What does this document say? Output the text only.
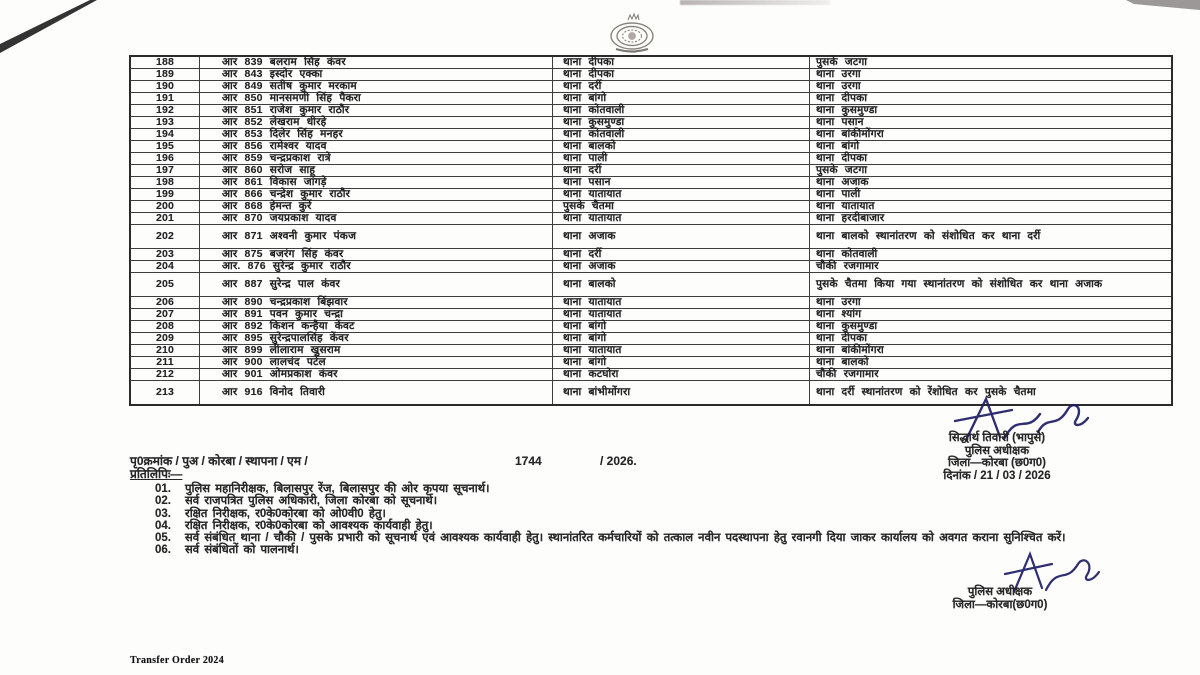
188	आर 839 बलराम सिंह कंवर	थाना दीपका	पुसके जटगा
189	आर 843 इस्दोर एक्का	थाना दीपका	थाना उरगा
190	आर 849 सतीष कुमार मरकाम	थाना दर्री	थाना उरगा
191	आर 850 मानसमणी सिंह पैकरा	थाना बांगो	थाना दीपका
192	आर 851 राजेश कुमार राठौर	थाना कोतवाली	थाना कुसमुण्डा
193	आर 852 लेखराम धीरहे	थाना कुसमुण्डा	थाना पसान
194	आर 853 दिलेर सिंह मनहर	थाना कोतवाली	थाना बांकीमोंगरा
195	आर 856 रामेश्वर यादव	थाना बालको	थाना बांगो
196	आर 859 चन्द्रप्रकाश रात्रे	थाना पाली	थाना दीपका
197	आर 860 सरोज साहू	थाना दर्री	पुसके जटगा
198	आर 861 विकास जांगड़े	थाना पसान	थाना अजाक
199	आर 866 चन्द्रेश कुमार राठौर	थाना यातायात	थाना पाली
200	आर 868 हेमन्त कुर्रे	पुसके चैतमा	थाना यातायात
201	आर 870 जयप्रकाश यादव	थाना यातायात	थाना हरदीबाजार
202	आर 871 अश्वनी कुमार पंकज	थाना अजाक	थाना बालको स्थानांतरण को संशोधित कर थाना दर्री
203	आर 875 बजरंग सिंह कंवर	थाना दर्री	थाना कोतवाली
204	आर. 876 सुरेन्द्र कुमार राठौर	थाना अजाक	चौकी रजगामार
205	आर 887 सुरेन्द्र पाल कंवर	थाना बालको	पुसके चैतमा किया गया स्थानांतरण को संशोधित कर थाना अजाक
206	आर 890 चन्द्रप्रकाश बिंझवार	थाना यातायात	थाना उरगा
207	आर 891 पवन कुमार चन्द्रा	थाना यातायात	थाना श्यांग
208	आर 892 किशन कन्हैया केंवट	थाना बांगो	थाना कुसमुण्डा
209	आर 895 सुरेन्द्रपालसिंह केंवर	थाना बांगो	थाना दीपका
210	आर 899 लीलाराम खुसराम	थाना यातायात	थाना बांकीमोंगरा
211	आर 900 लालचंद पटेल	थाना बांगो	थाना बालको
212	आर 901 ओमप्रकाश कंवर	थाना कटघोरा	चौकी रजगामार
213	आर 916 विनोद तिवारी	थाना बांभीमोंगरा	थाना दर्री स्थानांतरण को रेंशोधित कर पुसके चैतमा
सिद्धार्थ तिवारी (भापुसे)
पुलिस अधीक्षक
जिला—कोरबा (छ0ग0)
दिनांक / 21 / 03 / 2026
पृ0क्रमांक / पुअ / कोरबा / स्थापना / एम /	1744	/ 2026.
प्रतिलिपिः—
01.	पुलिस महानिरीक्षक, बिलासपुर रेंज, बिलासपुर की ओर कृपया सूचनार्थ।
02.	सर्व राजपत्रित पुलिस अधिकारी, जिला कोरबा को सूचनार्थ।
03.	रक्षित निरीक्षक, र0के0कोरबा को ओ0वी0 हेतु।
04.	रक्षित निरीक्षक, र0के0कोरबा को आवश्यक कार्यवाही हेतु।
05.	सर्व संबंधित थाना / चौकी / पुसके प्रभारी को सूचनार्थ एवं आवश्यक कार्यवाही हेतु। स्थानांतरित कर्मचारियों को तत्काल नवीन पदस्थापना हेतु रवानगी दिया जाकर कार्यालय को अवगत कराना सुनिश्चित करें।
06.	सर्व संबंधितों को पालनार्थ।
पुलिस अधीक्षक
जिला—कोरबा(छ0ग0)
Transfer Order 2024
